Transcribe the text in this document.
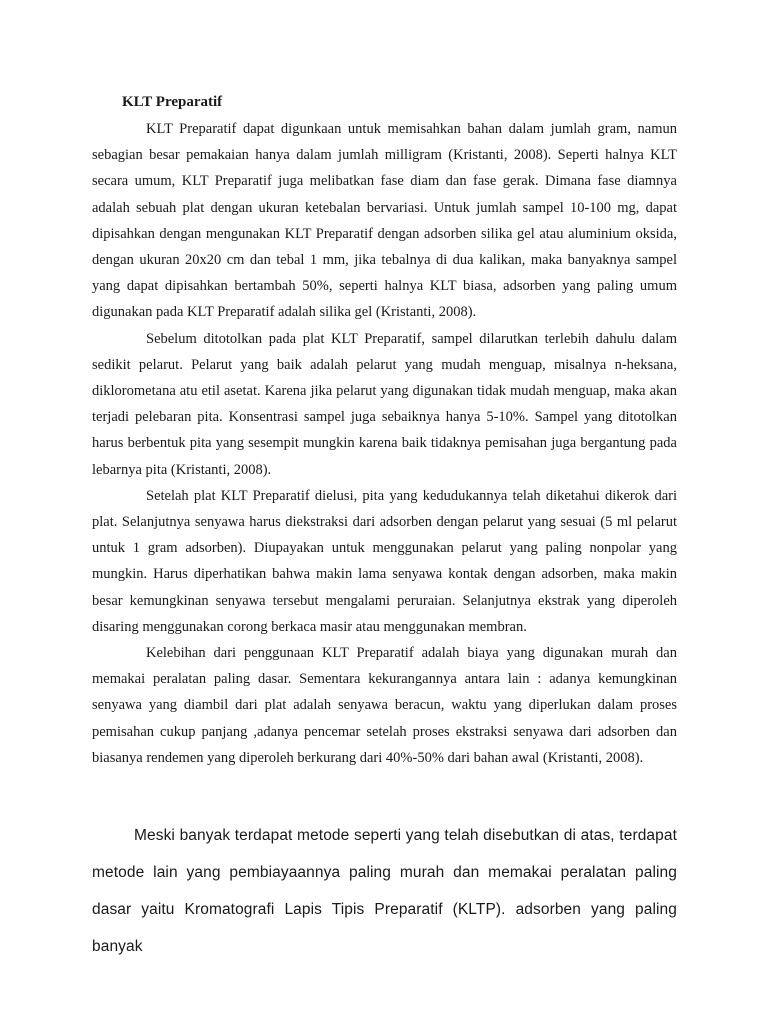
KLT Preparatif

KLT Preparatif dapat digunkaan untuk memisahkan bahan dalam jumlah gram, namun sebagian besar pemakaian hanya dalam jumlah milligram (Kristanti, 2008). Seperti halnya KLT secara umum, KLT Preparatif juga melibatkan fase diam dan fase gerak. Dimana fase diamnya adalah sebuah plat dengan ukuran ketebalan bervariasi. Untuk jumlah sampel 10-100 mg, dapat dipisahkan dengan mengunakan KLT Preparatif dengan adsorben silika gel atau aluminium oksida, dengan ukuran 20x20 cm dan tebal 1 mm, jika tebalnya di dua kalikan, maka banyaknya sampel yang dapat dipisahkan bertambah 50%, seperti halnya KLT biasa, adsorben yang paling umum digunakan pada KLT Preparatif adalah silika gel (Kristanti, 2008).

Sebelum ditotolkan pada plat KLT Preparatif, sampel dilarutkan terlebih dahulu dalam sedikit pelarut. Pelarut yang baik adalah pelarut yang mudah menguap, misalnya n-heksana, diklorometana atu etil asetat. Karena jika pelarut yang digunakan tidak mudah menguap, maka akan terjadi pelebaran pita. Konsentrasi sampel juga sebaiknya hanya 5-10%. Sampel yang ditotolkan harus berbentuk pita yang sesempit mungkin karena baik tidaknya pemisahan juga bergantung pada lebarnya pita (Kristanti, 2008).

Setelah plat KLT Preparatif dielusi, pita yang kedudukannya telah diketahui dikerok dari plat. Selanjutnya senyawa harus diekstraksi dari adsorben dengan pelarut yang sesuai (5 ml pelarut untuk 1 gram adsorben). Diupayakan untuk menggunakan pelarut yang paling nonpolar yang mungkin. Harus diperhatikan bahwa makin lama senyawa kontak dengan adsorben, maka makin besar kemungkinan senyawa tersebut mengalami peruraian. Selanjutnya ekstrak yang diperoleh disaring menggunakan corong berkaca masir atau menggunakan membran.

Kelebihan dari penggunaan KLT Preparatif adalah biaya yang digunakan murah dan memakai peralatan paling dasar. Sementara kekurangannya antara lain : adanya kemungkinan senyawa yang diambil dari plat adalah senyawa beracun, waktu yang diperlukan dalam proses pemisahan cukup panjang ,adanya pencemar setelah proses ekstraksi senyawa dari adsorben dan biasanya rendemen yang diperoleh berkurang dari 40%-50% dari bahan awal (Kristanti, 2008).

Meski banyak terdapat metode seperti yang telah disebutkan di atas, terdapat metode lain yang pembiayaannya paling murah dan memakai peralatan paling dasar yaitu Kromatografi Lapis Tipis Preparatif (KLTP). adsorben yang paling banyak
